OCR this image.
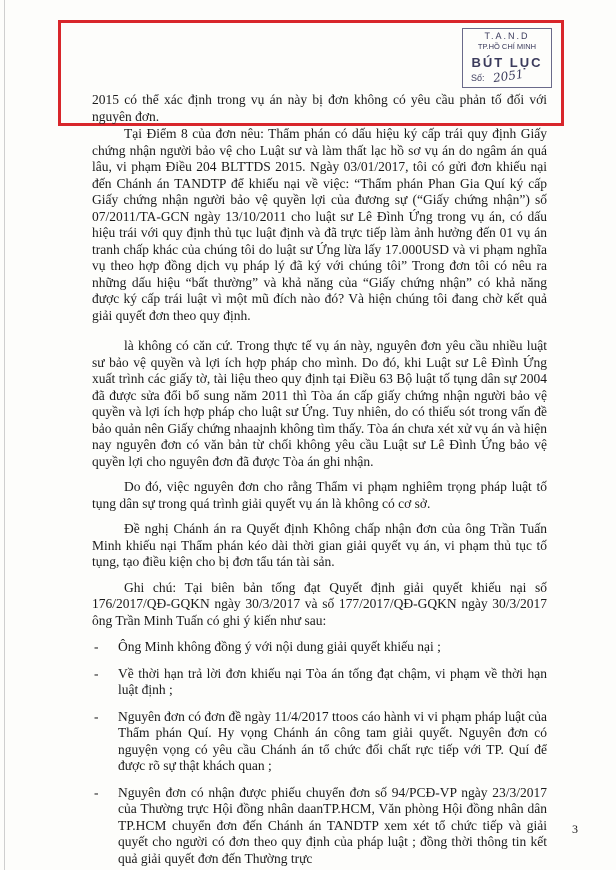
T.A.N.D
TP.HỒ CHÍ MINH
BÚT LỤC
Số: 2051

2015 có thể xác định trong vụ án này bị đơn không có yêu cầu phản tố đối với nguyên đơn.

Tại Điểm 8 của đơn nêu: Thẩm phán có dấu hiệu ký cấp trái quy định Giấy chứng nhận người bảo vệ cho Luật sư và làm thất lạc hồ sơ vụ án do ngâm án quá lâu, vi phạm Điều 204 BLTTDS 2015. Ngày 03/01/2017, tôi có gửi đơn khiếu nại đến Chánh án TANDTP để khiếu nại về việc: “Thẩm phán Phan Gia Quí ký cấp Giấy chứng nhận người bảo vệ quyền lợi của đương sự (“Giấy chứng nhận”) số 07/2011/TA-GCN ngày 13/10/2011 cho luật sư Lê Đình Ứng trong vụ án, có dấu hiệu trái với quy định thủ tục luật định và đã trực tiếp làm ảnh hưởng đến 01 vụ án tranh chấp khác của chúng tôi do luật sư Ứng lừa lấy 17.000USD và vi phạm nghĩa vụ theo hợp đồng dịch vụ pháp lý đã ký với chúng tôi” Trong đơn tôi có nêu ra những dấu hiệu “bất thường” và khả năng của “Giấy chứng nhận” có khả năng được ký cấp trái luật vì một mũ đích nào đó? Và hiện chúng tôi đang chờ kết quả giải quyết đơn theo quy định.

là không có căn cứ. Trong thực tế vụ án này, nguyên đơn yêu cầu nhiều luật sư bảo vệ quyền và lợi ích hợp pháp cho mình. Do đó, khi Luật sư Lê Đình Ứng xuất trình các giấy tờ, tài liệu theo quy định tại Điều 63 Bộ luật tố tụng dân sự 2004 đã được sửa đổi bổ sung năm 2011 thì Tòa án cấp giấy chứng nhận người bảo vệ quyền và lợi ích hợp pháp cho luật sư Ứng. Tuy nhiên, do có thiếu sót trong vấn đề bảo quản nên Giấy chứng nhaajnh không tìm thấy. Tòa án chưa xét xử vụ án và hiện nay nguyên đơn có văn bản từ chối không yêu cầu Luật sư Lê Đình Ứng bảo vệ quyền lợi cho nguyên đơn đã được Tòa án ghi nhận.

Do đó, việc nguyên đơn cho rằng Thẩm vi phạm nghiêm trọng pháp luật tố tụng dân sự trong quá trình giải quyết vụ án là không có cơ sở.

Đề nghị Chánh án ra Quyết định Không chấp nhận đơn của ông Trần Tuấn Minh khiếu nại Thẩm phán kéo dài thời gian giải quyết vụ án, vi phạm thủ tục tố tụng, tạo điều kiện cho bị đơn tẩu tán tài sản.

Ghi chú: Tại biên bản tống đạt Quyết định giải quyết khiếu nại số 176/2017/QĐ-GQKN ngày 30/3/2017 và số 177/2017/QĐ-GQKN ngày 30/3/2017 ông Trần Minh Tuấn có ghi ý kiến như sau:

- Ông Minh không đồng ý với nội dung giải quyết khiếu nại ;
- Về thời hạn trả lời đơn khiếu nại Tòa án tống đạt chậm, vi phạm về thời hạn luật định ;
- Nguyên đơn có đơn đề ngày 11/4/2017 ttoos cáo hành vi vi phạm pháp luật của Thẩm phán Quí. Hy vọng Chánh án công tam giải quyết. Nguyên đơn có nguyện vọng có yêu cầu Chánh án tổ chức đối chất rực tiếp với TP. Quí để được rõ sự thật khách quan ;
- Nguyên đơn có nhận được phiếu chuyển đơn số 94/PCĐ-VP ngày 23/3/2017 của Thường trực Hội đồng nhân daanTP.HCM, Văn phòng Hội đồng nhân dân TP.HCM chuyển đơn đến Chánh án TANDTP xem xét tổ chức tiếp và giải quyết cho người có đơn theo quy định của pháp luật ; đồng thời thông tin kết quả giải quyết đơn đến Thường trực
3
